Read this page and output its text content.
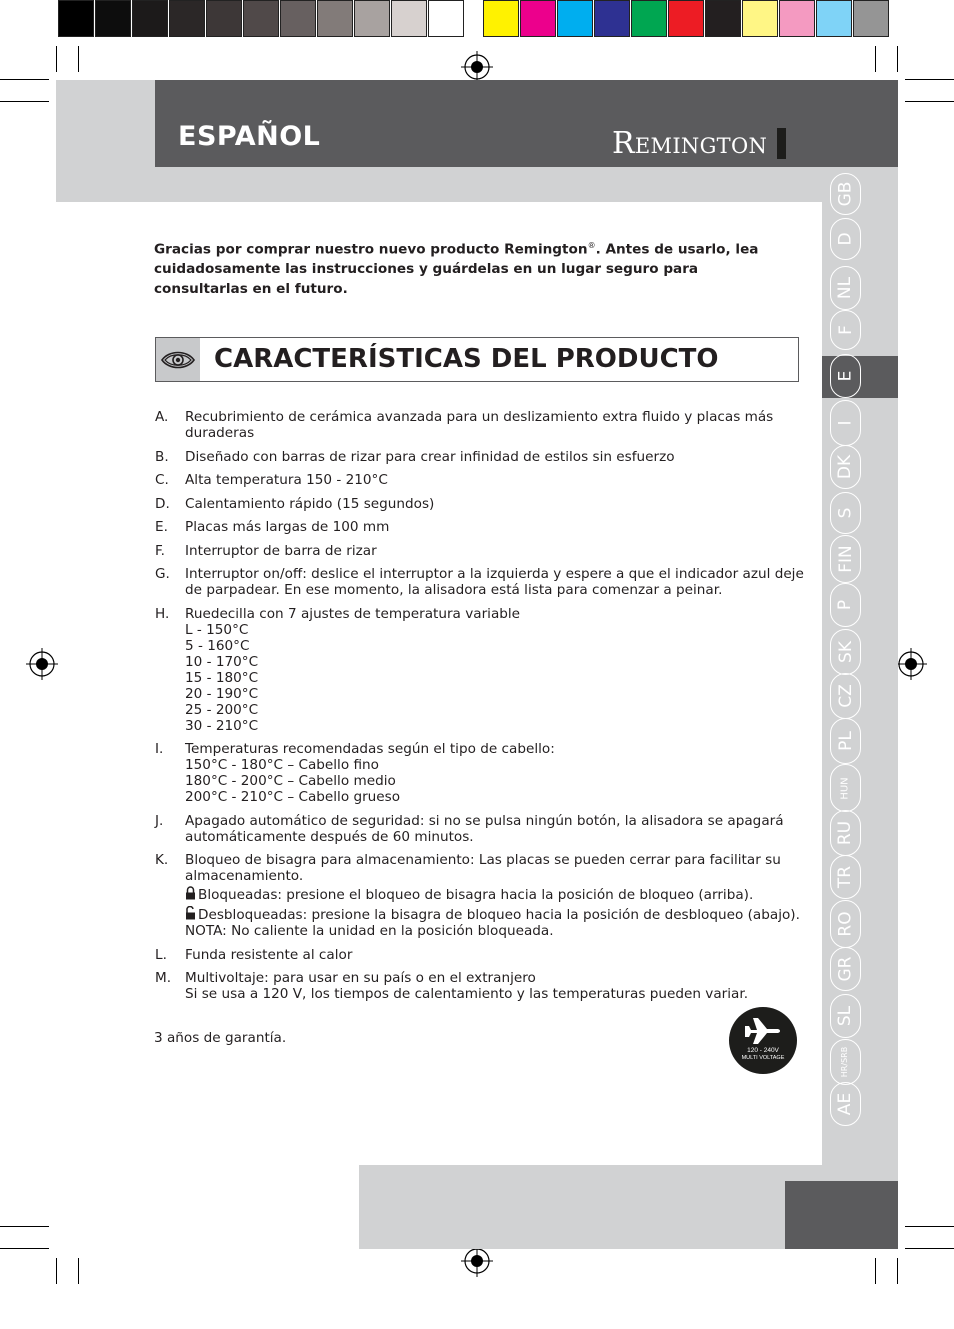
ESPAÑOL	REMINGTON
GB
D
NL
F
E
I
DK
S
FIN
P
SK
CZ
PL
HUN
RU
TR
RO
GR
SL
HR/SRB
AE
Gracias por comprar nuestro nuevo producto Remington®. Antes de usarlo, lea cuidadosamente las instrucciones y guárdelas en un lugar seguro para consultarlas en el futuro.
CARACTERÍSTICAS DEL PRODUCTO
A.	Recubrimiento de cerámica avanzada para un deslizamiento extra fluido y placas más duraderas
B.	Diseñado con barras de rizar para crear infinidad de estilos sin esfuerzo
C.	Alta temperatura 150 - 210°C
D.	Calentamiento rápido (15 segundos)
E.	Placas más largas de 100 mm
F.	Interruptor de barra de rizar
G.	Interruptor on/off: deslice el interruptor a la izquierda y espere a que el indicador azul deje de parpadear. En ese momento, la alisadora está lista para comenzar a peinar.
H.	Ruedecilla con 7 ajustes de temperatura variable
L - 150°C
5 - 160°C
10 - 170°C
15 - 180°C
20 - 190°C
25 - 200°C
30 - 210°C
I.	Temperaturas recomendadas según el tipo de cabello:
150°C - 180°C – Cabello fino
180°C - 200°C – Cabello medio
200°C - 210°C – Cabello grueso
J.	Apagado automático de seguridad: si no se pulsa ningún botón, la alisadora se apagará automáticamente después de 60 minutos.
K.	Bloqueo de bisagra para almacenamiento: Las placas se pueden cerrar para facilitar su almacenamiento.
Bloqueadas: presione el bloqueo de bisagra hacia la posición de bloqueo (arriba).
Desbloqueadas: presione la bisagra de bloqueo hacia la posición de desbloqueo (abajo).
NOTA: No caliente la unidad en la posición bloqueada.
L.	Funda resistente al calor
M.	Multivoltaje: para usar en su país o en el extranjero
Si se usa a 120 V, los tiempos de calentamiento y las temperaturas pueden variar.
3 años de garantía.
120 - 240V
MULTI VOLTAGE
